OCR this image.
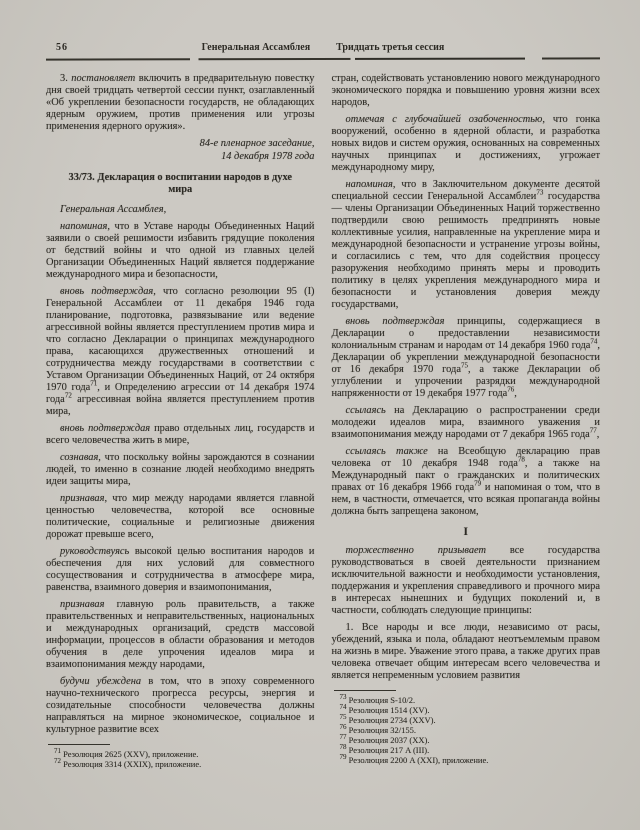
56	Генеральная Ассамблея	Тридцать третья сессия

3. постановляет включить в предварительную повестку дня своей тридцать четвертой сессии пункт, озаглавленный «Об укреплении безопасности государств, не обладающих ядерным оружием, против применения или угрозы применения ядерного оружия».

84-е пленарное заседание,

14 декабря 1978 года

33/73. Декларация о воспитании народов в духе мира

Генеральная Ассамблея,

напоминая, что в Уставе народы Объединенных Наций заявили о своей решимости избавить грядущие поколения от бедствий войны и что одной из главных целей Организации Объединенных Наций является поддержание международного мира и безопасности,

вновь подтверждая, что согласно резолюции 95 (I) Генеральной Ассамблеи от 11 декабря 1946 года планирование, подготовка, развязывание или ведение агрессивной войны является преступлением против мира и что согласно Декларации о принципах международного права, касающихся дружественных отношений и сотрудничества между государствами в соответствии с Уставом Организации Объединенных Наций, от 24 октября 1970 года$^{71}$, и Определению агрессии от 14 декабря 1974 года$^{72}$ агрессивная война является преступлением против мира,

вновь подтверждая право отдельных лиц, государств и всего человечества жить в мире,

сознавая, что поскольку войны зарождаются в сознании людей, то именно в сознание людей необходимо внедрять идеи защиты мира,

признавая, что мир между народами является главной ценностью человечества, которой все основные политические, социальные и религиозные движения дорожат превыше всего,

руководствуясь высокой целью воспитания народов и обеспечения для них условий для совместного сосуществования и сотрудничества в атмосфере мира, равенства, взаимного доверия и взаимопонимания,

признавая главную роль правительств, а также правительственных и неправительственных, национальных и международных организаций, средств массовой информации, процессов в области образования и методов обучения в деле упрочения идеалов мира и взаимопонимания между народами,

будучи убеждена в том, что в эпоху современного научно-технического прогресса ресурсы, энергия и созидательные способности человечества должны направляться на мирное экономическое, социальное и культурное развитие всех

$^{71}$ Резолюция 2625 (XXV), приложение.

$^{72}$ Резолюция 3314 (XXIX), приложение.

стран, содействовать установлению нового международного экономического порядка и повышению уровня жизни всех народов,

отмечая с глубочайшей озабоченностью, что гонка вооружений, особенно в ядерной области, и разработка новых видов и систем оружия, основанных на современных научных принципах и достижениях, угрожает международному миру,

напоминая, что в Заключительном документе десятой специальной сессии Генеральной Ассамблеи$^{73}$ государства — члены Организации Объединенных Наций торжественно подтвердили свою решимость предпринять новые коллективные усилия, направленные на укрепление мира и международной безопасности и устранение угрозы войны, и согласились с тем, что для содействия процессу разоружения необходимо принять меры и проводить политику в целях укрепления международного мира и безопасности и установления доверия между государствами,

вновь подтверждая принципы, содержащиеся в Декларации о предоставлении независимости колониальным странам и народам от 14 декабря 1960 года$^{74}$, Декларации об укреплении международной безопасности от 16 декабря 1970 года$^{75}$, а также Декларации об углублении и упрочении разрядки международной напряженности от 19 декабря 1977 года$^{76}$,

ссылаясь на Декларацию о распространении среди молодежи идеалов мира, взаимного уважения и взаимопонимания между народами от 7 декабря 1965 года$^{77}$,

ссылаясь также на Всеобщую декларацию прав человека от 10 декабря 1948 года$^{78}$, а также на Международный пакт о гражданских и политических правах от 16 декабря 1966 года$^{79}$ и напоминая о том, что в нем, в частности, отмечается, что всякая пропаганда войны должна быть запрещена законом,

I

торжественно призывает все государства руководствоваться в своей деятельности признанием исключительной важности и необходимости установления, поддержания и укрепления справедливого и прочного мира в интересах нынешних и будущих поколений и, в частности, соблюдать следующие принципы:

1. Все народы и все люди, независимо от расы, убеждений, языка и пола, обладают неотъемлемым правом на жизнь в мире. Уважение этого права, а также других прав человека отвечает общим интересам всего человечества и является непременным условием развития

$^{73}$ Резолюция S-10/2.

$^{74}$ Резолюция 1514 (XV).

$^{75}$ Резолюция 2734 (XXV).

$^{76}$ Резолюция 32/155.

$^{77}$ Резолюция 2037 (XX).

$^{78}$ Резолюция 217 A (III).

$^{79}$ Резолюция 2200 A (XXI), приложение.
